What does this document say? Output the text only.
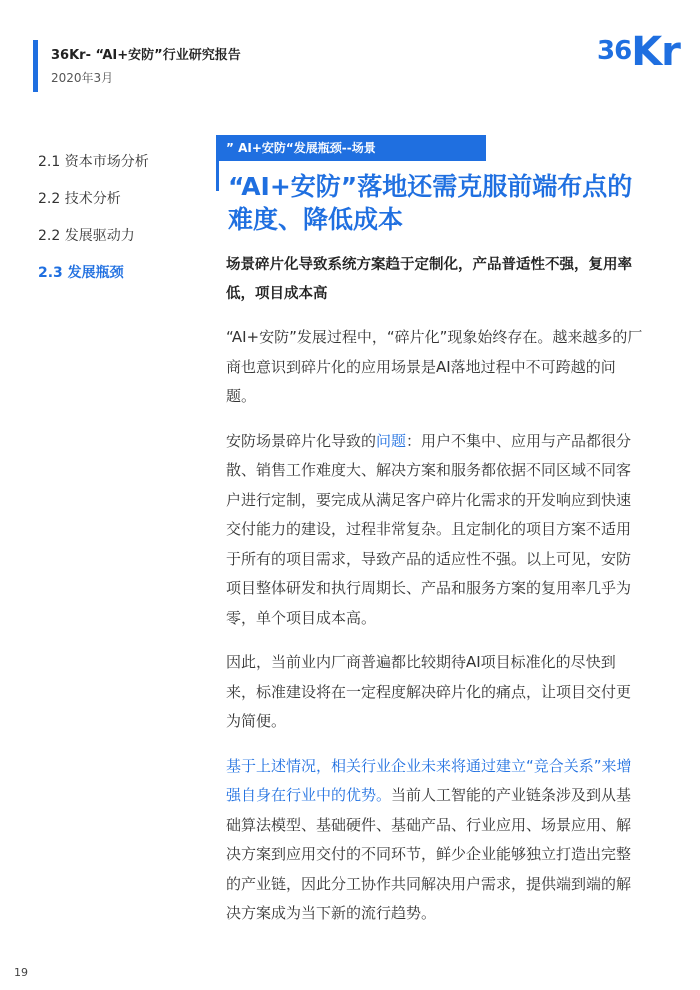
36Kr- “AI+安防”行业研究报告
2020年3月
36Kr
2.1 资本市场分析
2.2 技术分析
2.2 发展驱动力
2.3 发展瓶颈
” AI+安防“发展瓶颈--场景
“AI+安防”落地还需克服前端布点的难度、降低成本
场景碎片化导致系统方案趋于定制化，产品普适性不强，复用率低，项目成本高

“AI+安防”发展过程中，“碎片化”现象始终存在。越来越多的厂商也意识到碎片化的应用场景是AI落地过程中不可跨越的问题。

安防场景碎片化导致的问题：用户不集中、应用与产品都很分散、销售工作难度大、解决方案和服务都依据不同区域不同客户进行定制，要完成从满足客户碎片化需求的开发响应到快速交付能力的建设，过程非常复杂。且定制化的项目方案不适用于所有的项目需求，导致产品的适应性不强。以上可见，安防项目整体研发和执行周期长、产品和服务方案的复用率几乎为零，单个项目成本高。

因此，当前业内厂商普遍都比较期待AI项目标准化的尽快到来，标准建设将在一定程度解决碎片化的痛点，让项目交付更为简便。

基于上述情况，相关行业企业未来将通过建立“竞合关系”来增强自身在行业中的优势。当前人工智能的产业链条涉及到从基础算法模型、基础硬件、基础产品、行业应用、场景应用、解决方案到应用交付的不同环节，鲜少企业能够独立打造出完整的产业链，因此分工协作共同解决用户需求，提供端到端的解决方案成为当下新的流行趋势。

19
